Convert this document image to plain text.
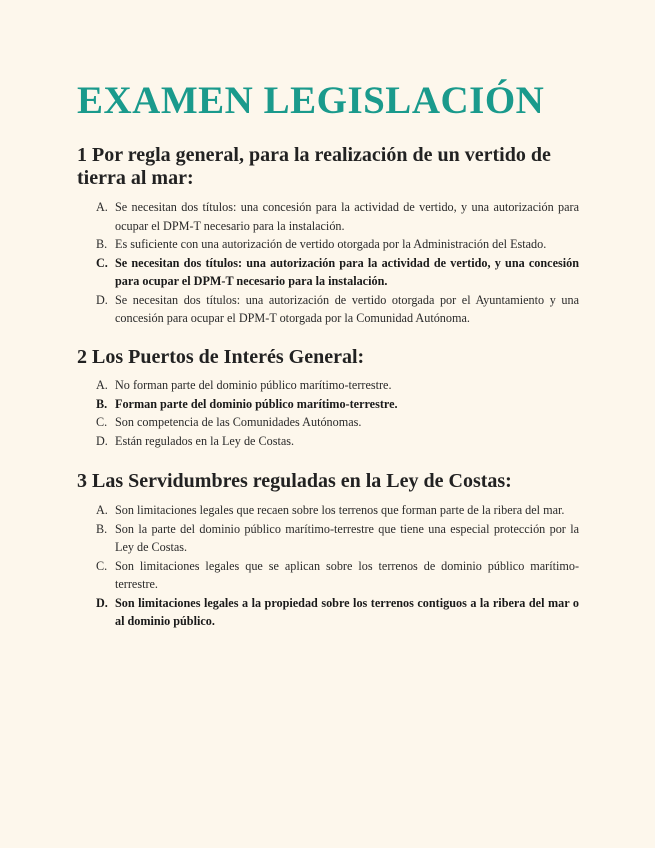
EXAMEN LEGISLACIÓN
1 Por regla general, para la realización de un vertido de tierra al mar:
A. Se necesitan dos títulos: una concesión para la actividad de vertido, y una autorización para ocupar el DPM-T necesario para la instalación.
B. Es suficiente con una autorización de vertido otorgada por la Administración del Estado.
C. Se necesitan dos títulos: una autorización para la actividad de vertido, y una concesión para ocupar el DPM-T necesario para la instalación.
D. Se necesitan dos títulos: una autorización de vertido otorgada por el Ayuntamiento y una concesión para ocupar el DPM-T otorgada por la Comunidad Autónoma.
2 Los Puertos de Interés General:
A. No forman parte del dominio público marítimo-terrestre.
B. Forman parte del dominio público marítimo-terrestre.
C. Son competencia de las Comunidades Autónomas.
D. Están regulados en la Ley de Costas.
3 Las Servidumbres reguladas en la Ley de Costas:
A. Son limitaciones legales que recaen sobre los terrenos que forman parte de la ribera del mar.
B. Son la parte del dominio público marítimo-terrestre que tiene una especial protección por la Ley de Costas.
C. Son limitaciones legales que se aplican sobre los terrenos de dominio público marítimo-terrestre.
D. Son limitaciones legales a la propiedad sobre los terrenos contiguos a la ribera del mar o al dominio público.
